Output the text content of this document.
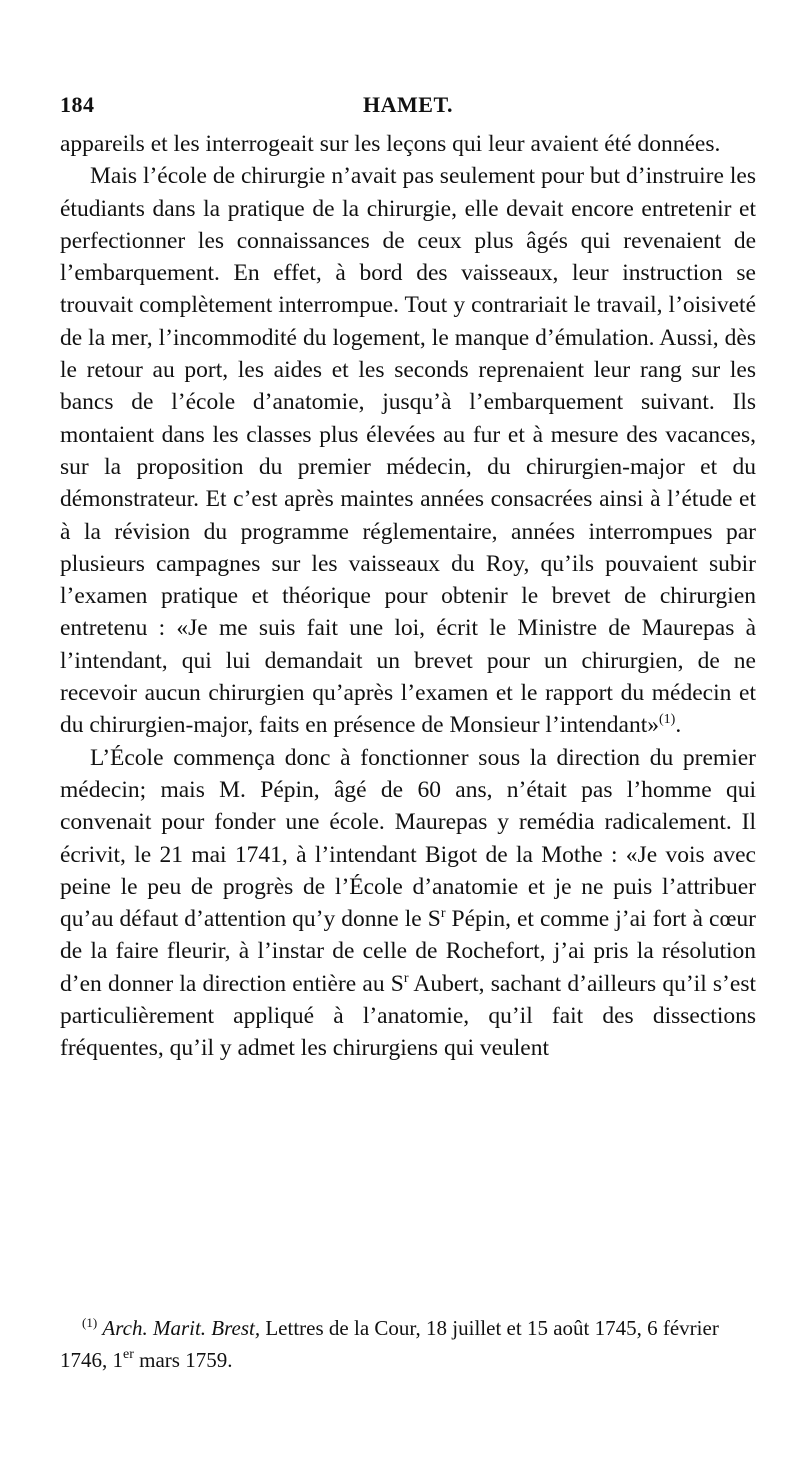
184	HAMET.

appareils et les interrogeait sur les leçons qui leur avaient été données.

Mais l’école de chirurgie n’avait pas seulement pour but d’instruire les étudiants dans la pratique de la chirurgie, elle devait encore entretenir et perfectionner les connaissances de ceux plus âgés qui revenaient de l’embarquement. En effet, à bord des vaisseaux, leur instruction se trouvait complètement interrompue. Tout y contrariait le travail, l’oisiveté de la mer, l’incommodité du logement, le manque d’émulation. Aussi, dès le retour au port, les aides et les seconds reprenaient leur rang sur les bancs de l’école d’anatomie, jusqu’à l’embarquement suivant. Ils montaient dans les classes plus élevées au fur et à mesure des vacances, sur la proposition du premier médecin, du chirurgien-major et du démonstrateur. Et c’est après maintes années consacrées ainsi à l’étude et à la révision du programme réglementaire, années interrompues par plusieurs campagnes sur les vaisseaux du Roy, qu’ils pouvaient subir l’examen pratique et théorique pour obtenir le brevet de chirurgien entretenu : «Je me suis fait une loi, écrit le Ministre de Maurepas à l’intendant, qui lui demandait un brevet pour un chirurgien, de ne recevoir aucun chirurgien qu’après l’examen et le rapport du médecin et du chirurgien-major, faits en présence de Monsieur l’intendant»$^{(1)}$.

L’École commença donc à fonctionner sous la direction du premier médecin; mais M. Pépin, âgé de 60 ans, n’était pas l’homme qui convenait pour fonder une école. Maurepas y remédia radicalement. Il écrivit, le 21 mai 1741, à l’intendant Bigot de la Mothe : «Je vois avec peine le peu de progrès de l’École d’anatomie et je ne puis l’attribuer qu’au défaut d’attention qu’y donne le $S^r$ Pépin, et comme j’ai fort à cœur de la faire fleurir, à l’instar de celle de Rochefort, j’ai pris la résolution d’en donner la direction entière au $S^r$ Aubert, sachant d’ailleurs qu’il s’est particulièrement appliqué à l’anatomie, qu’il fait des dissections fréquentes, qu’il y admet les chirurgiens qui veulent

$^{(1)}$ Arch. Marit. Brest, Lettres de la Cour, 18 juillet et 15 août 1745, 6 février 1746, 1er mars 1759.
